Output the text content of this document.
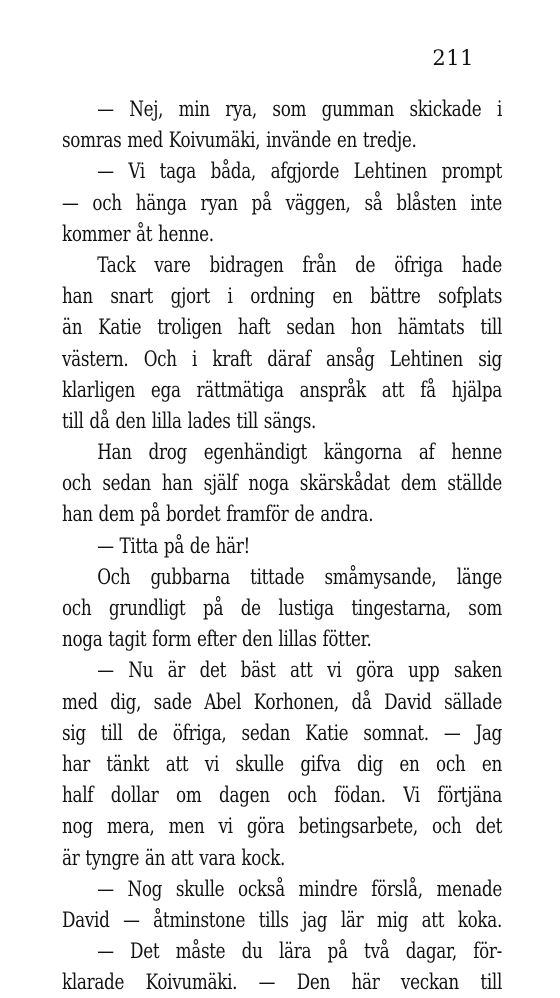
211
— Nej, min rya, som gumman skickade i
somras med Koivumäki, invände en tredje.
— Vi taga båda, afgjorde Lehtinen prompt
— och hänga ryan på väggen, så blåsten inte
kommer åt henne.
Tack vare bidragen från de öfriga hade
han snart gjort i ordning en bättre sofplats
än Katie troligen haft sedan hon hämtats till
västern. Och i kraft däraf ansåg Lehtinen sig
klarligen ega rättmätiga anspråk att få hjälpa
till då den lilla lades till sängs.
Han drog egenhändigt kängorna af henne
och sedan han själf noga skärskådat dem ställde
han dem på bordet framför de andra.
— Titta på de här!
Och gubbarna tittade småmysande, länge
och grundligt på de lustiga tingestarna, som
noga tagit form efter den lillas fötter.
— Nu är det bäst att vi göra upp saken
med dig, sade Abel Korhonen, då David sällade
sig till de öfriga, sedan Katie somnat. — Jag
har tänkt att vi skulle gifva dig en och en
half dollar om dagen och födan. Vi förtjäna
nog mera, men vi göra betingsarbete, och det
är tyngre än att vara kock.
— Nog skulle också mindre förslå, menade
David — åtminstone tills jag lär mig att koka.
— Det måste du lära på två dagar, för-
klarade Koivumäki. — Den här veckan till
